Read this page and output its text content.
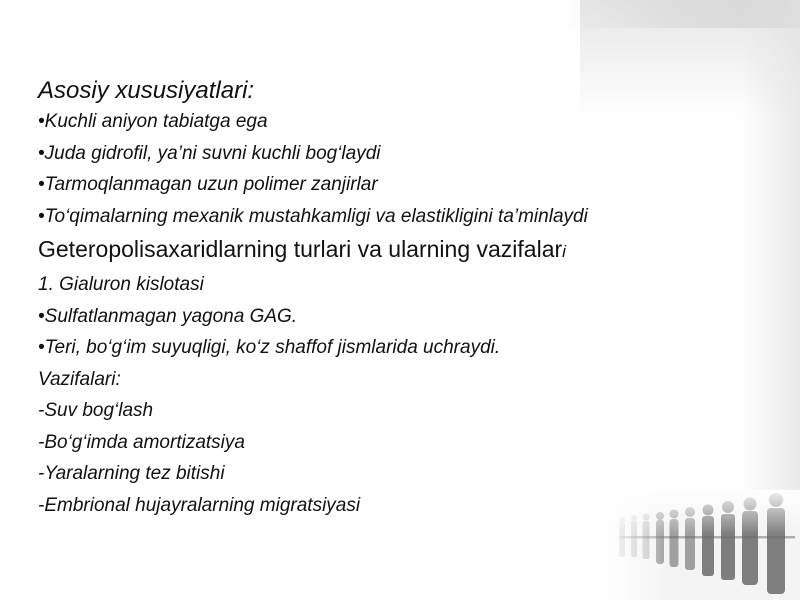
Asosiy xususiyatlari:
•Kuchli aniyon tabiatga ega
•Juda gidrofil, ya’ni suvni kuchli bog‘laydi
•Tarmoqlanmagan uzun polimer zanjirlar
•To‘qimalarning mexanik mustahkamligi va elastikligini ta’minlaydi
Geteropolisaxaridlarning turlari va ularning vazifalari
1. Gialuron kislotasi
•Sulfatlanmagan yagona GAG.
•Teri, bo‘g‘im suyuqligi, ko‘z shaffof jismlarida uchraydi.
Vazifalari:
-Suv bog‘lash
-Bo‘g‘imda amortizatsiya
-Yaralarning tez bitishi
-Embrional hujayralarning migratsiyasi
